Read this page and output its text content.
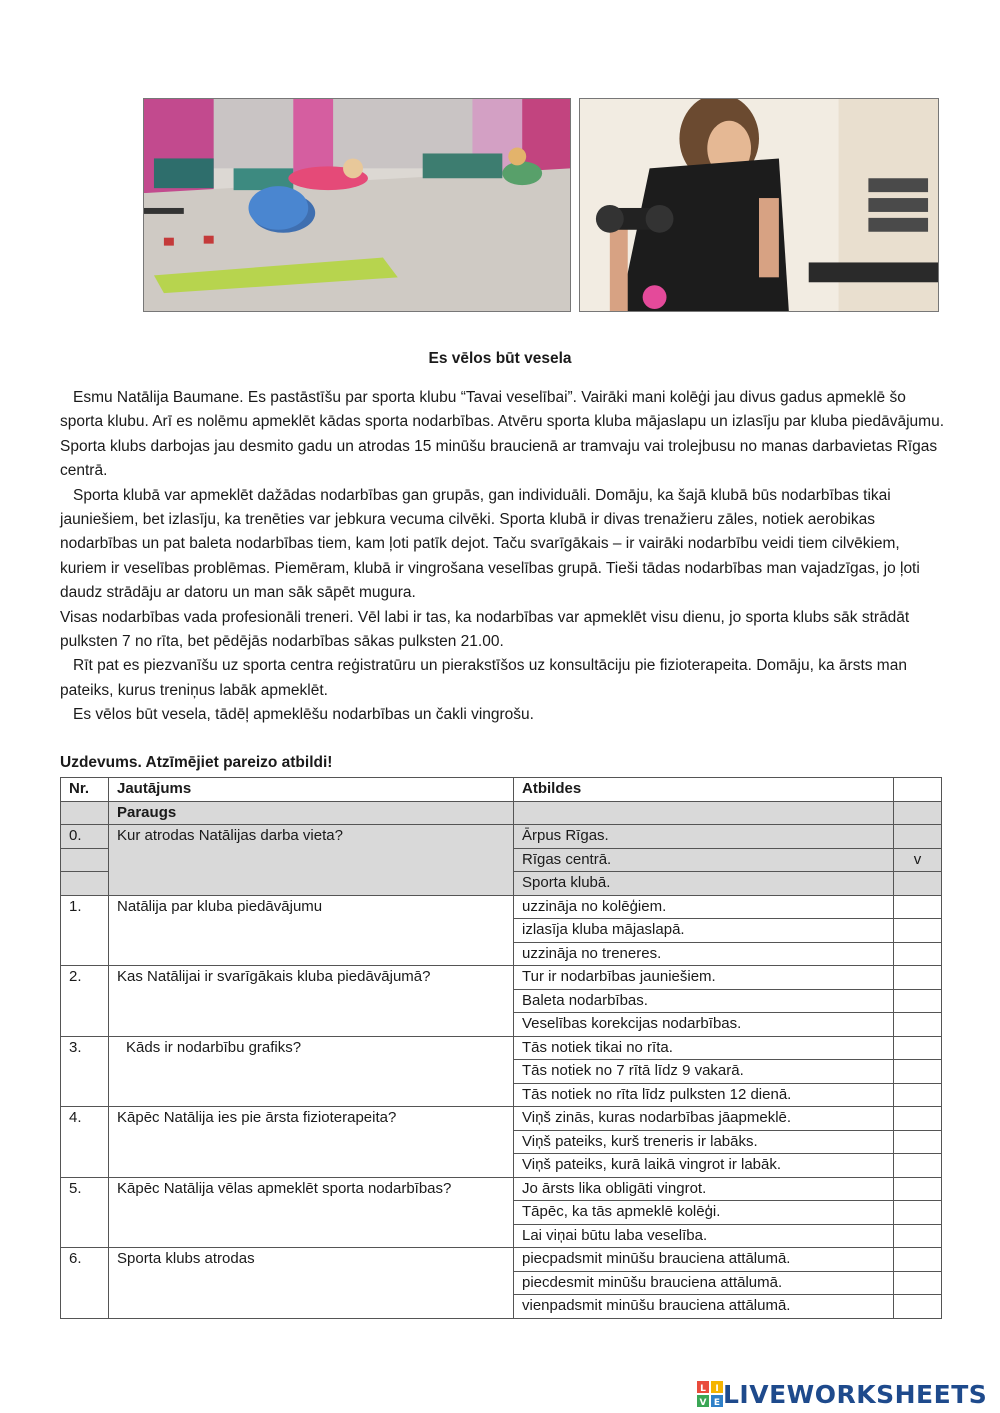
Es vēlos būt vesela

Esmu Natālija Baumane. Es pastāstīšu par sporta klubu “Tavai veselībai”. Vairāki mani kolēģi jau divus gadus apmeklē šo sporta klubu. Arī es nolēmu apmeklēt kādas sporta nodarbības. Atvēru sporta kluba mājaslapu un izlasīju par kluba piedāvājumu. Sporta klubs darbojas jau desmito gadu un atrodas 15 minūšu braucienā ar tramvaju vai trolejbusu no manas darbavietas Rīgas centrā.

Sporta klubā var apmeklēt dažādas nodarbības gan grupās, gan individuāli. Domāju, ka šajā klubā būs nodarbības tikai jauniešiem, bet izlasīju, ka trenēties var jebkura vecuma cilvēki. Sporta klubā ir divas trenažieru zāles, notiek aerobikas nodarbības un pat baleta nodarbības tiem, kam ļoti patīk dejot. Taču svarīgākais – ir vairāki nodarbību veidi tiem cilvēkiem, kuriem ir veselības problēmas. Piemēram, klubā ir vingrošana veselības grupā. Tieši tādas nodarbības man vajadzīgas, jo ļoti daudz strādāju ar datoru un man sāk sāpēt mugura.

Visas nodarbības vada profesionāli treneri. Vēl labi ir tas, ka nodarbības var apmeklēt visu dienu, jo sporta klubs sāk strādāt pulksten 7 no rīta, bet pēdējās nodarbības sākas pulksten 21.00.

Rīt pat es piezvanīšu uz sporta centra reģistratūru un pierakstīšos uz konsultāciju pie fizioterapeita. Domāju, ka ārsts man pateiks, kurus treniņus labāk apmeklēt.

Es vēlos būt vesela, tādēļ apmeklēšu nodarbības un čakli vingrošu.

Uzdevums. Atzīmējiet pareizo atbildi!
Nr.	Jautājums	Atbildes	
	Paraugs		
0.	Kur atrodas Natālijas darba vieta?	Ārpus Rīgas.	
		Rīgas centrā.	v
		Sporta klubā.	
1.	Natālija par kluba piedāvājumu	uzzināja no kolēģiem.	
		izlasīja kluba mājaslapā.	
		uzzināja no treneres.	
2.	Kas Natālijai ir svarīgākais kluba piedāvājumā?	Tur ir nodarbības jauniešiem.	
		Baleta nodarbības.	
		Veselības korekcijas nodarbības.	
3.	Kāds ir nodarbību grafiks?	Tās notiek tikai no rīta.	
		Tās notiek no 7 rītā līdz 9 vakarā.	
		Tās notiek no rīta līdz pulksten 12 dienā.	
4.	Kāpēc Natālija ies pie ārsta fizioterapeita?	Viņš zinās, kuras nodarbības jāapmeklē.	
		Viņš pateiks, kurš treneris ir labāks.	
		Viņš pateiks, kurā laikā vingrot ir labāk.	
5.	Kāpēc Natālija vēlas apmeklēt sporta nodarbības?	Jo ārsts lika obligāti vingrot.	
		Tāpēc, ka tās apmeklē kolēģi.	
		Lai viņai būtu laba veselība.	
6.	Sporta klubs atrodas	piecpadsmit minūšu brauciena attālumā.	
		piecdesmit minūšu brauciena attālumā.	
		vienpadsmit minūšu brauciena attālumā.	
L I
V E LIVEWORKSHEETS
